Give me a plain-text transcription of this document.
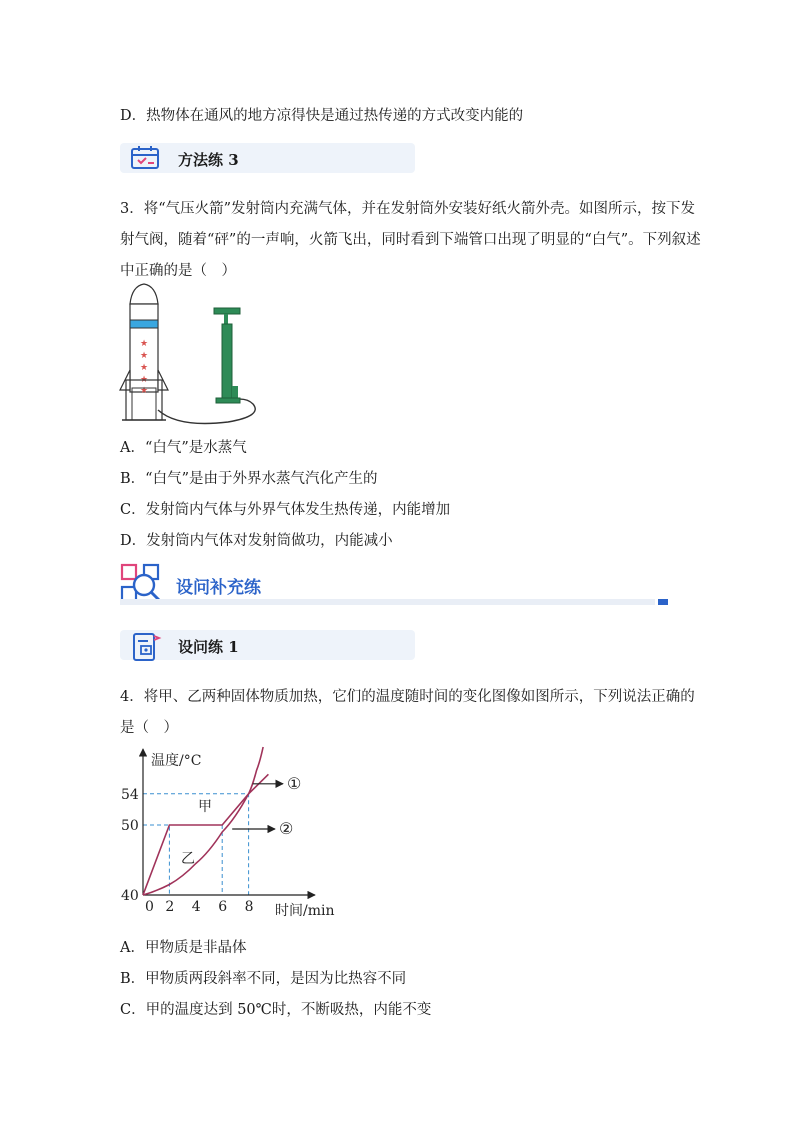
D．热物体在通风的地方凉得快是通过热传递的方式改变内能的
方法练 3
3．将“气压火箭”发射筒内充满气体，并在发射筒外安装好纸火箭外壳。如图所示，按下发
射气阀，随着“砰”的一声响，火箭飞出，同时看到下端管口出现了明显的“白气”。下列叙述
中正确的是（　）
★
★
★
★
★
A．“白气”是水蒸气
B．“白气”是由于外界水蒸气汽化产生的
C．发射筒内气体与外界气体发生热传递，内能增加
D．发射筒内气体对发射筒做功，内能减小
设问补充练
设问练 1
4．将甲、乙两种固体物质加热，它们的温度随时间的变化图像如图所示，下列说法正确的
是（　）
0 2 4 6 8
40
50
54
温度/°C
时间/min
甲
乙
①
②
A．甲物质是非晶体
B．甲物质两段斜率不同，是因为比热容不同
C．甲的温度达到 50℃时，不断吸热，内能不变
